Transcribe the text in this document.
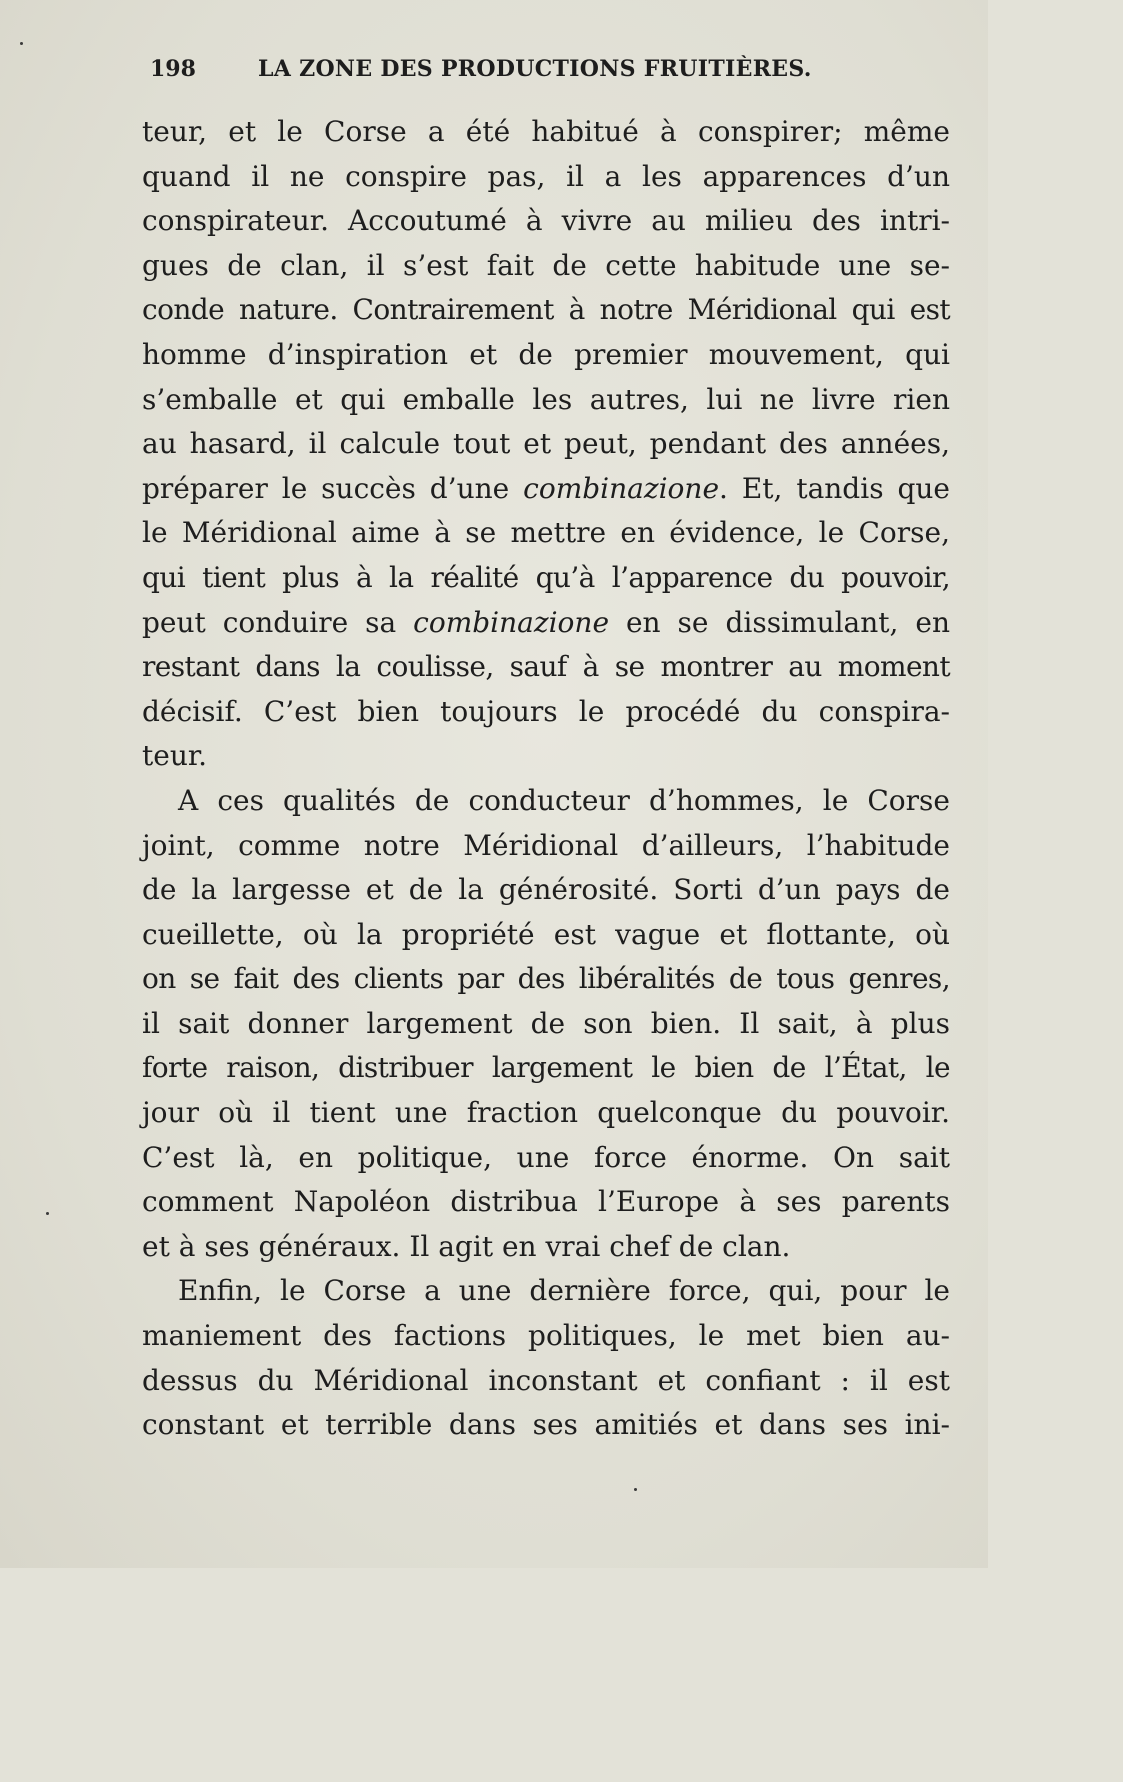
198	LA ZONE DES PRODUCTIONS FRUITIÈRES.
teur, et le Corse a été habitué à conspirer; même
quand il ne conspire pas, il a les apparences d’un
conspirateur. Accoutumé à vivre au milieu des intri-
gues de clan, il s’est fait de cette habitude une se-
conde nature. Contrairement à notre Méridional qui est
homme d’inspiration et de premier mouvement, qui
s’emballe et qui emballe les autres, lui ne livre rien
au hasard, il calcule tout et peut, pendant des années,
préparer le succès d’une combinazione. Et, tandis que
le Méridional aime à se mettre en évidence, le Corse,
qui tient plus à la réalité qu’à l’apparence du pouvoir,
peut conduire sa combinazione en se dissimulant, en
restant dans la coulisse, sauf à se montrer au moment
décisif. C’est bien toujours le procédé du conspira-
teur.
A ces qualités de conducteur d’hommes, le Corse
joint, comme notre Méridional d’ailleurs, l’habitude
de la largesse et de la générosité. Sorti d’un pays de
cueillette, où la propriété est vague et flottante, où
on se fait des clients par des libéralités de tous genres,
il sait donner largement de son bien. Il sait, à plus
forte raison, distribuer largement le bien de l’État, le
jour où il tient une fraction quelconque du pouvoir.
C’est là, en politique, une force énorme. On sait
comment Napoléon distribua l’Europe à ses parents
et à ses généraux. Il agit en vrai chef de clan.
Enfin, le Corse a une dernière force, qui, pour le
maniement des factions politiques, le met bien au-
dessus du Méridional inconstant et confiant : il est
constant et terrible dans ses amitiés et dans ses ini-
